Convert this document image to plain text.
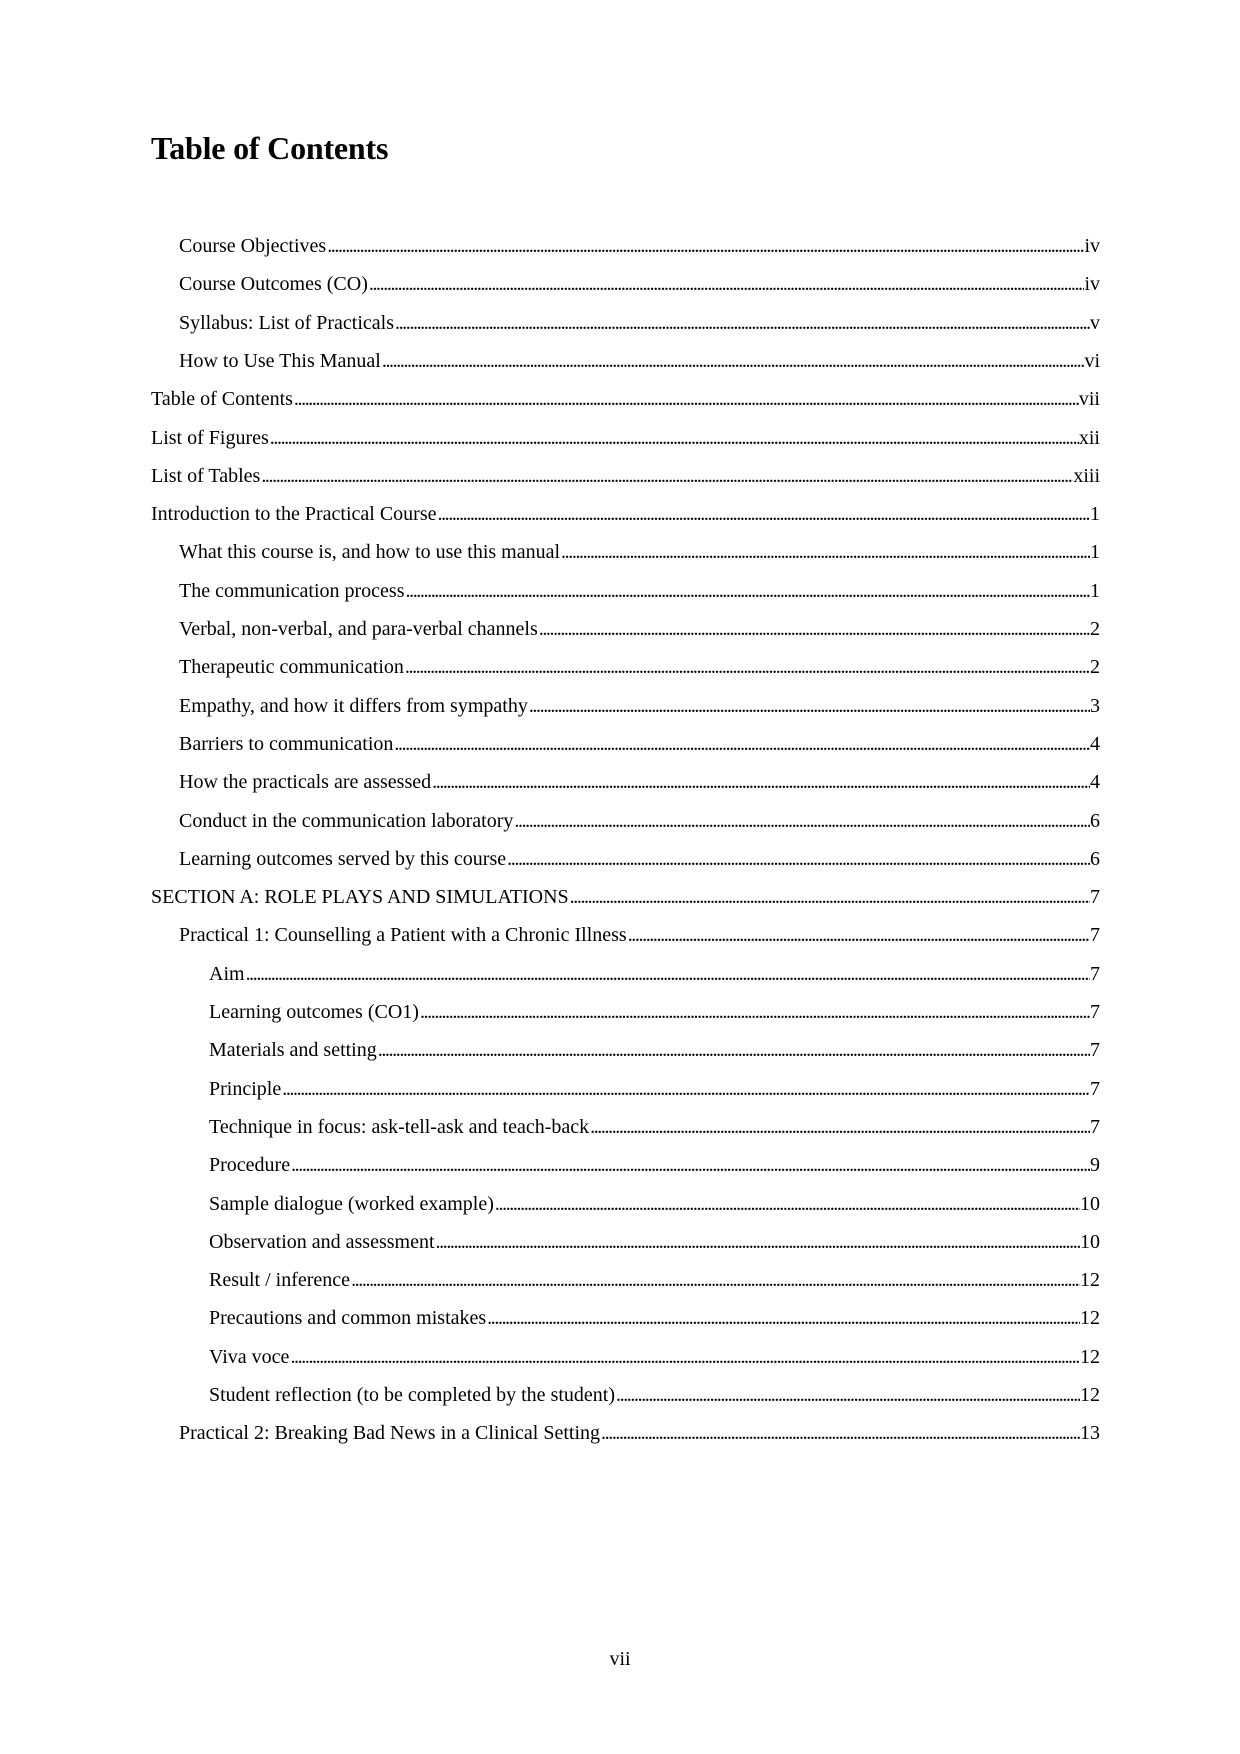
Table of Contents
Course Objectives . . .	iv
Course Outcomes (CO) . . .	iv
Syllabus: List of Practicals . . .	v
How to Use This Manual . . .	vi
Table of Contents . . .	vii
List of Figures . . .	xii
List of Tables . . .	xiii
Introduction to the Practical Course . . .	1
What this course is, and how to use this manual . . .	1
The communication process . . .	1
Verbal, non-verbal, and para-verbal channels . . .	2
Therapeutic communication . . .	2
Empathy, and how it differs from sympathy . . .	3
Barriers to communication . . .	4
How the practicals are assessed . . .	4
Conduct in the communication laboratory . . .	6
Learning outcomes served by this course . . .	6
SECTION A: ROLE PLAYS AND SIMULATIONS . . .	7
Practical 1: Counselling a Patient with a Chronic Illness . . .	7
Aim . . .	7
Learning outcomes (CO1) . . .	7
Materials and setting . . .	7
Principle . . .	7
Technique in focus: ask-tell-ask and teach-back . . .	7
Procedure . . .	9
Sample dialogue (worked example) . . .	10
Observation and assessment . . .	10
Result / inference . . .	12
Precautions and common mistakes . . .	12
Viva voce . . .	12
Student reflection (to be completed by the student) . . .	12
Practical 2: Breaking Bad News in a Clinical Setting . . .	13
vii
